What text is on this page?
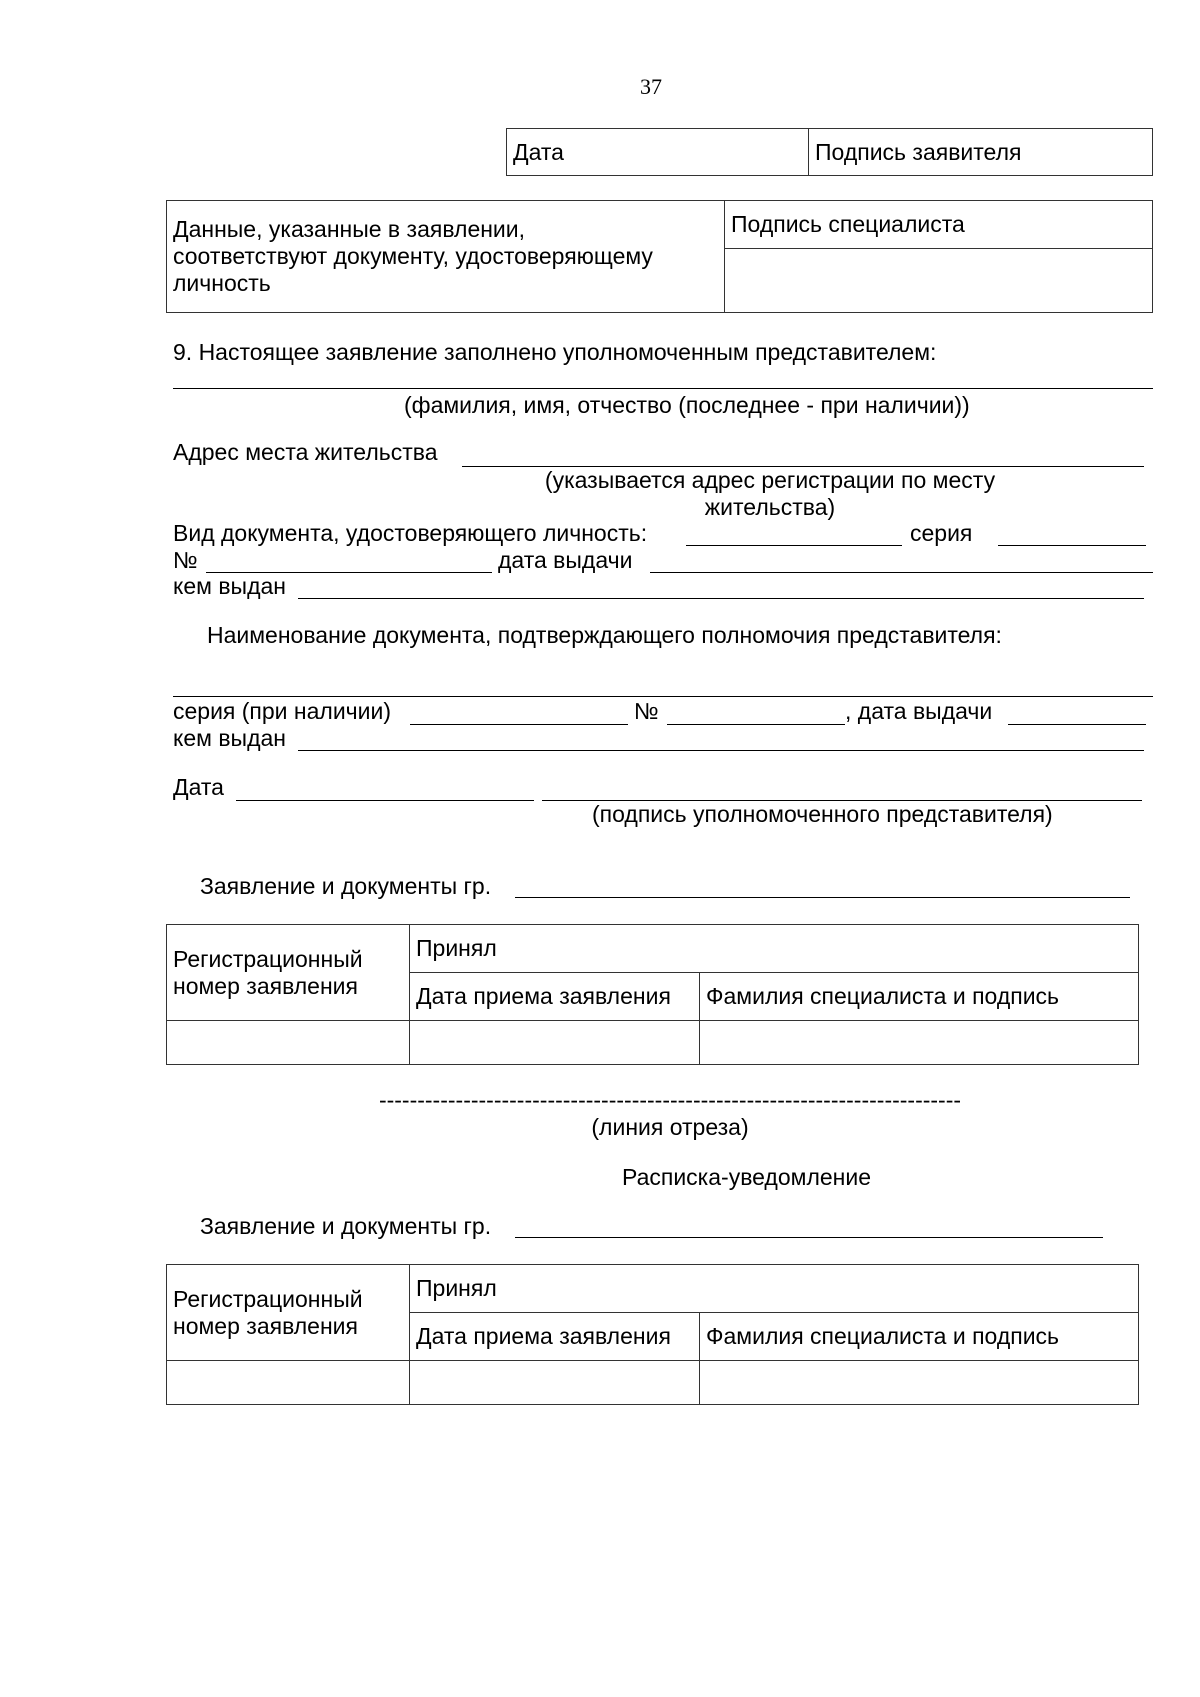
37
Дата	Подпись заявителя
Данные, указанные в заявлении,
соответствуют документу, удостоверяющему
личность
	Подпись специалиста

9. Настоящее заявление заполнено уполномоченным представителем:
(фамилия, имя, отчество (последнее - при наличии))
Адрес места жительства
(указывается адрес регистрации по месту
жительства)
Вид документа, удостоверяющего личность:	серия
№	дата выдачи
кем выдан
Наименование документа, подтверждающего полномочия представителя:
серия (при наличии)	№	, дата выдачи
кем выдан
Дата
(подпись уполномоченного представителя)
Заявление и документы гр.
Регистрационный
номер заявления	Принял	
	Дата приема заявления	Фамилия специалиста и подпись

----------------------------------------------------------------------------
(линия отреза)
Расписка-уведомление
Заявление и документы гр.
Регистрационный
номер заявления	Принял	
	Дата приема заявления	Фамилия специалиста и подпись
